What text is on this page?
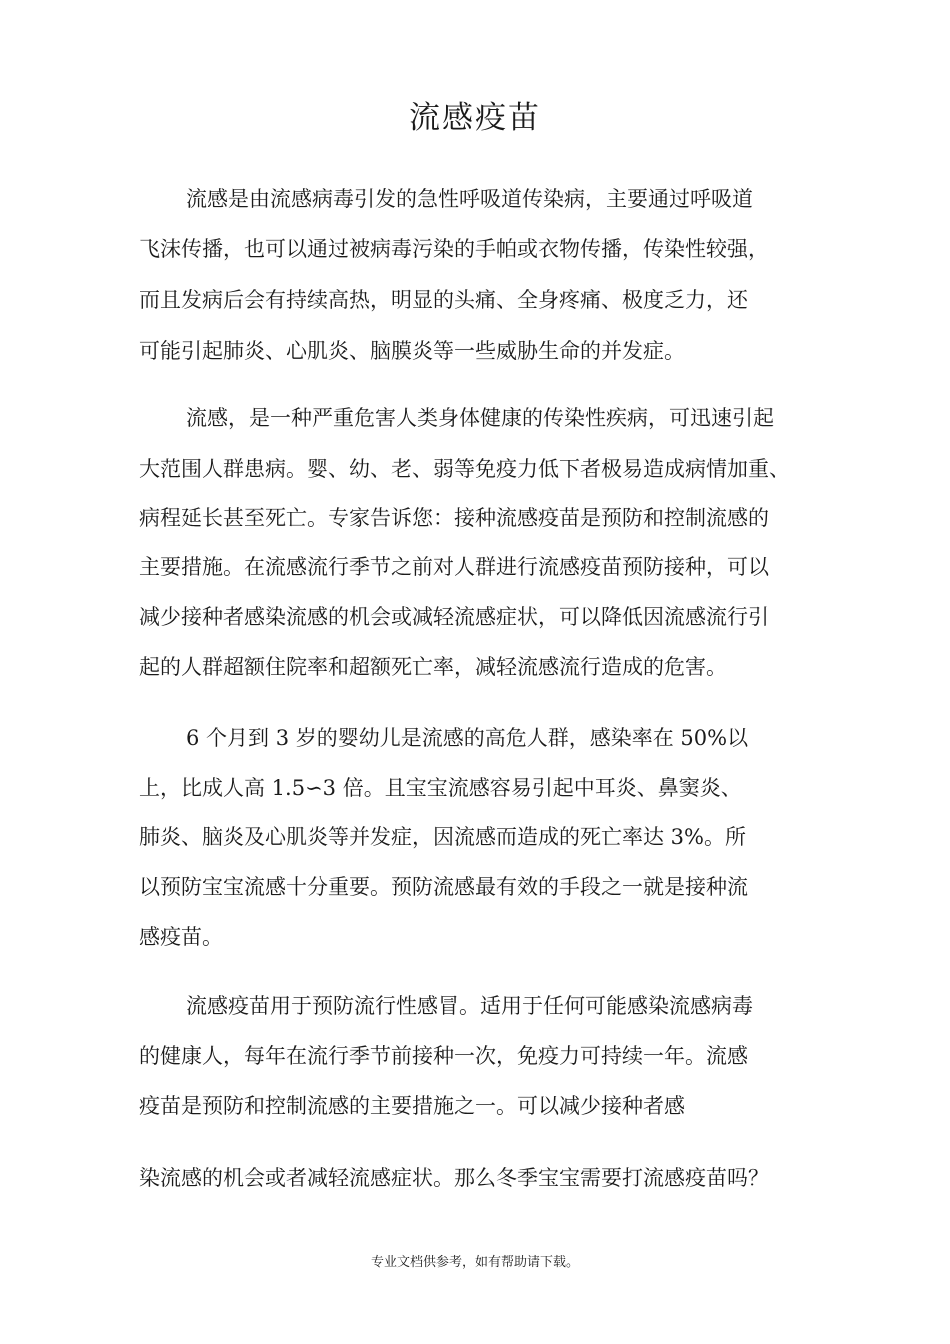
流感疫苗
流感是由流感病毒引发的急性呼吸道传染病，主要通过呼吸道
飞沫传播，也可以通过被病毒污染的手帕或衣物传播，传染性较强，
而且发病后会有持续高热，明显的头痛、全身疼痛、极度乏力，还
可能引起肺炎、心肌炎、脑膜炎等一些威胁生命的并发症。
流感，是一种严重危害人类身体健康的传染性疾病，可迅速引起
大范围人群患病。婴、幼、老、弱等免疫力低下者极易造成病情加重、
病程延长甚至死亡。专家告诉您：接种流感疫苗是预防和控制流感的
主要措施。在流感流行季节之前对人群进行流感疫苗预防接种，可以
减少接种者感染流感的机会或减轻流感症状，可以降低因流感流行引
起的人群超额住院率和超额死亡率，减轻流感流行造成的危害。
6 个月到 3 岁的婴幼儿是流感的高危人群，感染率在 50%以
上，比成人高 1.5∽3 倍。且宝宝流感容易引起中耳炎、鼻窦炎、
肺炎、脑炎及心肌炎等并发症，因流感而造成的死亡率达 3%。所
以预防宝宝流感十分重要。预防流感最有效的手段之一就是接种流
感疫苗。
流感疫苗用于预防流行性感冒。适用于任何可能感染流感病毒
的健康人，每年在流行季节前接种一次，免疫力可持续一年。流感
疫苗是预防和控制流感的主要措施之一。可以减少接种者感
染流感的机会或者减轻流感症状。那么冬季宝宝需要打流感疫苗吗？
专业文档供参考，如有帮助请下载。
